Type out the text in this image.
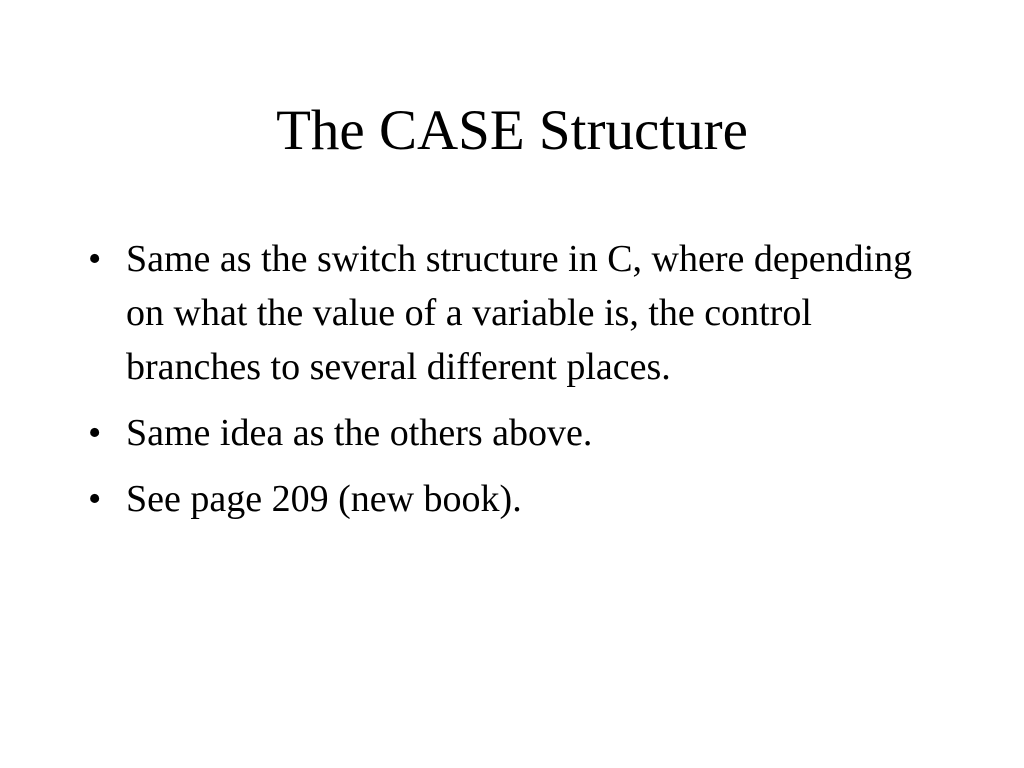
The CASE Structure
• Same as the switch structure in C, where depending on what the value of a variable is, the control branches to several different places.
• Same idea as the others above.
• See page 209 (new book).
